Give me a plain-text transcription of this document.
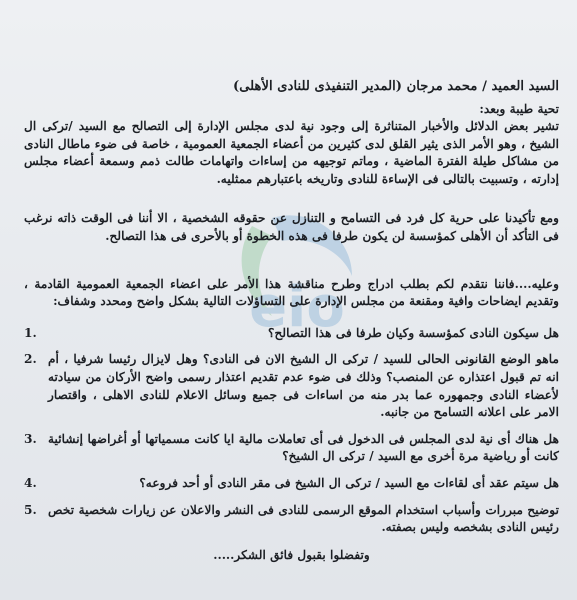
eio

السيد العميد / محمد مرجان (المدير التنفيذى للنادى الأهلى)

تحية طيبة وبعد:

تشير بعض الدلائل والأخبار المتناثرة إلى وجود نية لدى مجلس الإدارة إلى التصالح مع السيد /تركى ال الشيخ ، وهو الأمر الذى يثير القلق لدى كثيرين من أعضاء الجمعية العمومية ، خاصة فى ضوء ماطال النادى من مشاكل طيلة الفترة الماضية ، وماتم توجيهه من إساءات واتهامات طالت ذمم وسمعة أعضاء مجلس إدارته ، وتسبيت بالتالى فى الإساءة للنادى وتاريخه باعتبارهم ممثليه.

ومع تأكيدنا على حرية كل فرد فى التسامح و التنازل عن حقوقه الشخصية ، الا أننا فى الوقت ذاته نرغب فى التأكد أن الأهلى كمؤسسة لن يكون طرفا فى هذه الخطوة أو بالأحرى فى هذا التصالح.

وعليه....فاننا نتقدم لكم بطلب ادراج وطرح مناقشة هذا الأمر على اعضاء الجمعية العمومية القادمة ، وتقديم ايضاحات وافية ومقنعة من مجلس الإدارة على التساؤلات التالية بشكل واضح ومحدد وشفاف:

هل سيكون النادى كمؤسسة وكيان طرفا فى هذا التصالح؟
1.
ماهو الوضع القانونى الحالى للسيد / تركى ال الشيخ الان فى النادى؟ وهل لايزال رئيسا شرفيا ، أم انه تم قبول اعتذاره عن المنصب؟ وذلك فى ضوء عدم تقديم اعتذار رسمى واضح الأركان من سيادته لأعضاء النادى وجمهوره عما بدر منه من اساءات فى جميع وسائل الاعلام للنادى الاهلى ، واقتصار الامر على اعلانه التسامح من جانبه.
2.
هل هناك أى نية لدى المجلس فى الدخول فى أى تعاملات مالية ايا كانت مسمياتها أو أغراضها إنشائية كانت أو رياضية مرة أخرى مع السيد / تركى ال الشيخ؟
3.
هل سيتم عقد أى لقاءات مع السيد / تركى ال الشيخ فى مقر النادى أو أحد فروعه؟
4.
توضيح مبررات وأسباب استخدام الموقع الرسمى للنادى فى النشر والاعلان عن زيارات شخصية تخص رئيس النادى بشخصه وليس بصفته.
5.

وتفضلوا بقبول فائق الشكر.....
